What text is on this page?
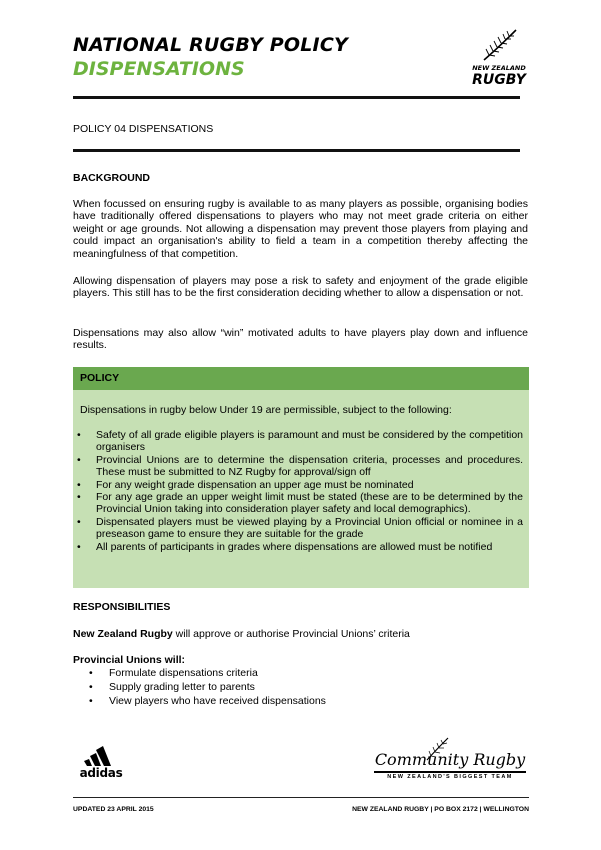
NATIONAL RUGBY POLICY
DISPENSATIONS	NEW ZEALAND
RUGBY
POLICY 04 DISPENSATIONS
BACKGROUND
When focussed on ensuring rugby is available to as many players as possible, organising bodies have traditionally offered dispensations to players who may not meet grade criteria on either weight or age grounds. Not allowing a dispensation may prevent those players from playing and could impact an organisation's ability to field a team in a competition thereby affecting the meaningfulness of that competition.
Allowing dispensation of players may pose a risk to safety and enjoyment of the grade eligible players. This still has to be the first consideration deciding whether to allow a dispensation or not.
Dispensations may also allow “win” motivated adults to have players play down and influence results.
POLICY
Dispensations in rugby below Under 19 are permissible, subject to the following:
• Safety of all grade eligible players is paramount and must be considered by the competition organisers
• Provincial Unions are to determine the dispensation criteria, processes and procedures. These must be submitted to NZ Rugby for approval/sign off
• For any weight grade dispensation an upper age must be nominated
• For any age grade an upper weight limit must be stated (these are to be determined by the Provincial Union taking into consideration player safety and local demographics).
• Dispensated players must be viewed playing by a Provincial Union official or nominee in a preseason game to ensure they are suitable for the grade
• All parents of participants in grades where dispensations are allowed must be notified
RESPONSIBILITIES
New Zealand Rugby will approve or authorise Provincial Unions’ criteria
Provincial Unions will:
• Formulate dispensations criteria
• Supply grading letter to parents
• View players who have received dispensations
adidas
Community Rugby
NEW ZEALAND'S BIGGEST TEAM
UPDATED 23 APRIL 2015	NEW ZEALAND RUGBY | PO BOX 2172 | WELLINGTON
